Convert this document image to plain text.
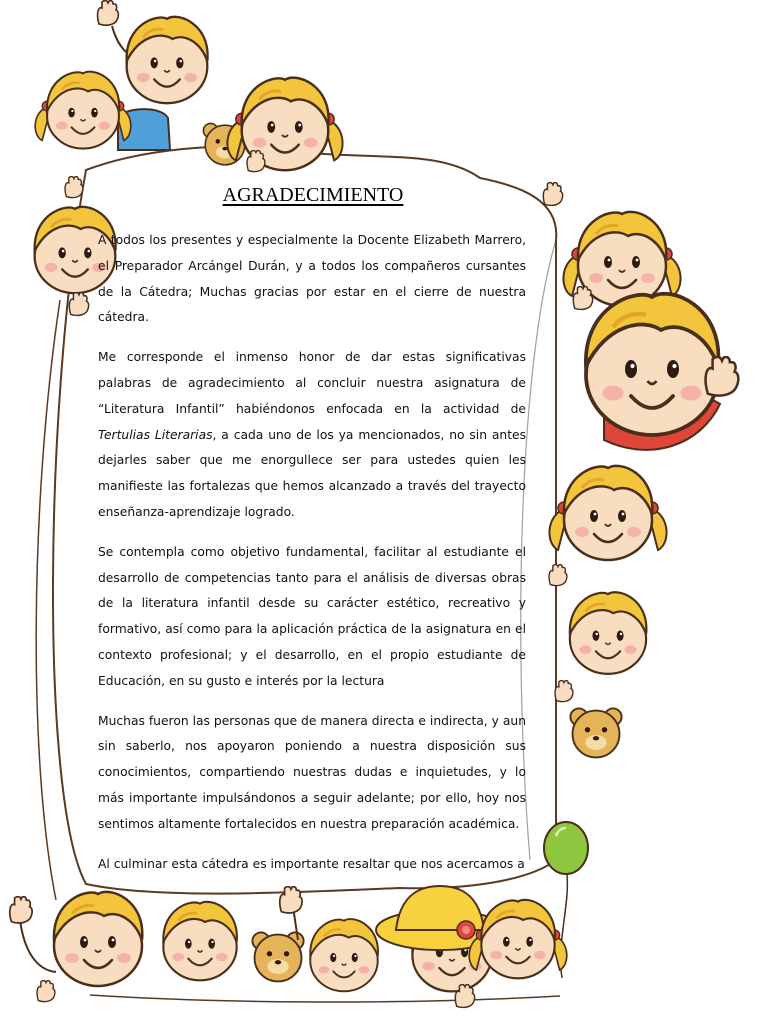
AGRADECIMIENTO

A todos los presentes y especialmente la Docente Elizabeth Marrero, el Preparador Arcángel Durán, y a todos los compañeros cursantes de la Cátedra; Muchas gracias por estar en el cierre de nuestra cátedra.

Me corresponde el inmenso honor de dar estas significativas palabras de agradecimiento al concluir nuestra asignatura de “Literatura Infantil” habiéndonos enfocada en la actividad de Tertulias Literarias, a cada uno de los ya mencionados, no sin antes dejarles saber que me enorgullece ser para ustedes quien les manifieste las fortalezas que hemos alcanzado a través del trayecto enseñanza-aprendizaje logrado.

Se contempla como objetivo fundamental, facilitar al estudiante el desarrollo de competencias tanto para el análisis de diversas obras de la literatura infantil desde su carácter estético, recreativo y formativo, así como para la aplicación práctica de la asignatura en el contexto profesional; y el desarrollo, en el propio estudiante de Educación, en su gusto e interés por la lectura

Muchas fueron las personas que de manera directa e indirecta, y aun sin saberlo, nos apoyaron poniendo a nuestra disposición sus conocimientos, compartiendo nuestras dudas e inquietudes, y lo más importante impulsándonos a seguir adelante; por ello, hoy nos sentimos altamente fortalecidos en nuestra preparación académica.

Al culminar esta cátedra es importante resaltar que nos acercamos a
